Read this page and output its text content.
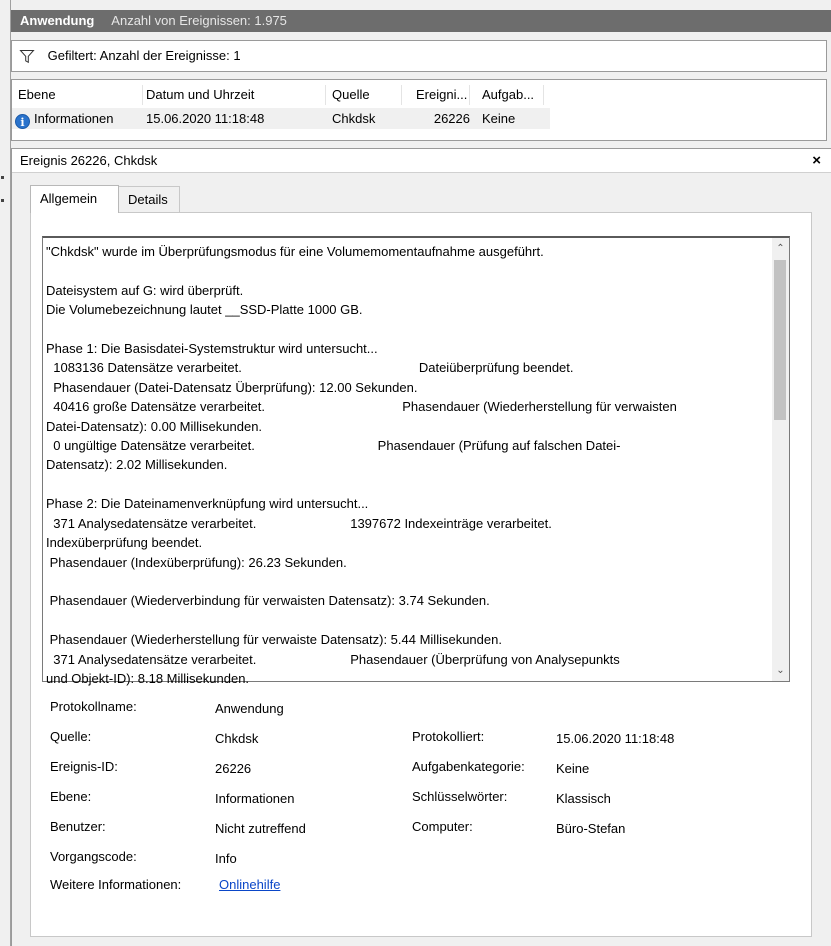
Anwendung Anzahl von Ereignissen: 1.975
Gefiltert: Anzahl der Ereignisse: 1
Ebene	Datum und Uhrzeit	Quelle	Ereigni... Aufgab...
i Informationen	15.06.2020 11:18:48	Chkdsk	26226 Keine
Ereignis 26226, Chkdsk	×
Allgemein	Details
"Chkdsk" wurde im Überprüfungsmodus für eine Volumemomentaufnahme ausgeführt.

Dateisystem auf G: wird überprüft.
Die Volumebezeichnung lautet __SSD-Platte 1000 GB.

Phase 1: Die Basisdatei-Systemstruktur wird untersucht...
1083136 Datensätze verarbeitet.                                                 Dateiüberprüfung beendet.
Phasendauer (Datei-Datensatz Überprüfung): 12.00 Sekunden.
40416 große Datensätze verarbeitet.                                      Phasendauer (Wiederherstellung für verwaisten
Datei-Datensatz): 0.00 Millisekunden.
0 ungültige Datensätze verarbeitet.                                  Phasendauer (Prüfung auf falschen Datei-
Datensatz): 2.02 Millisekunden.

Phase 2: Die Dateinamenverknüpfung wird untersucht...
371 Analysedatensätze verarbeitet.                          1397672 Indexeinträge verarbeitet.
Indexüberprüfung beendet.
Phasendauer (Indexüberprüfung): 26.23 Sekunden.

Phasendauer (Wiederverbindung für verwaisten Datensatz): 3.74 Sekunden.

Phasendauer (Wiederherstellung für verwaiste Datensatz): 5.44 Millisekunden.
371 Analysedatensätze verarbeitet.                          Phasendauer (Überprüfung von Analysepunkts
und Objekt-ID): 8.18 Millisekunden.
⌃
⌄
Protokollname:	Anwendung
Quelle:	Chkdsk	Protokolliert:	15.06.2020 11:18:48
Ereignis-ID:	26226	Aufgabenkategorie: Keine
Ebene:	Informationen	Schlüsselwörter:	Klassisch
Benutzer:	Nicht zutreffend	Computer:	Büro-Stefan
Vorgangscode:	Info
Weitere Informationen:	Onlinehilfe
